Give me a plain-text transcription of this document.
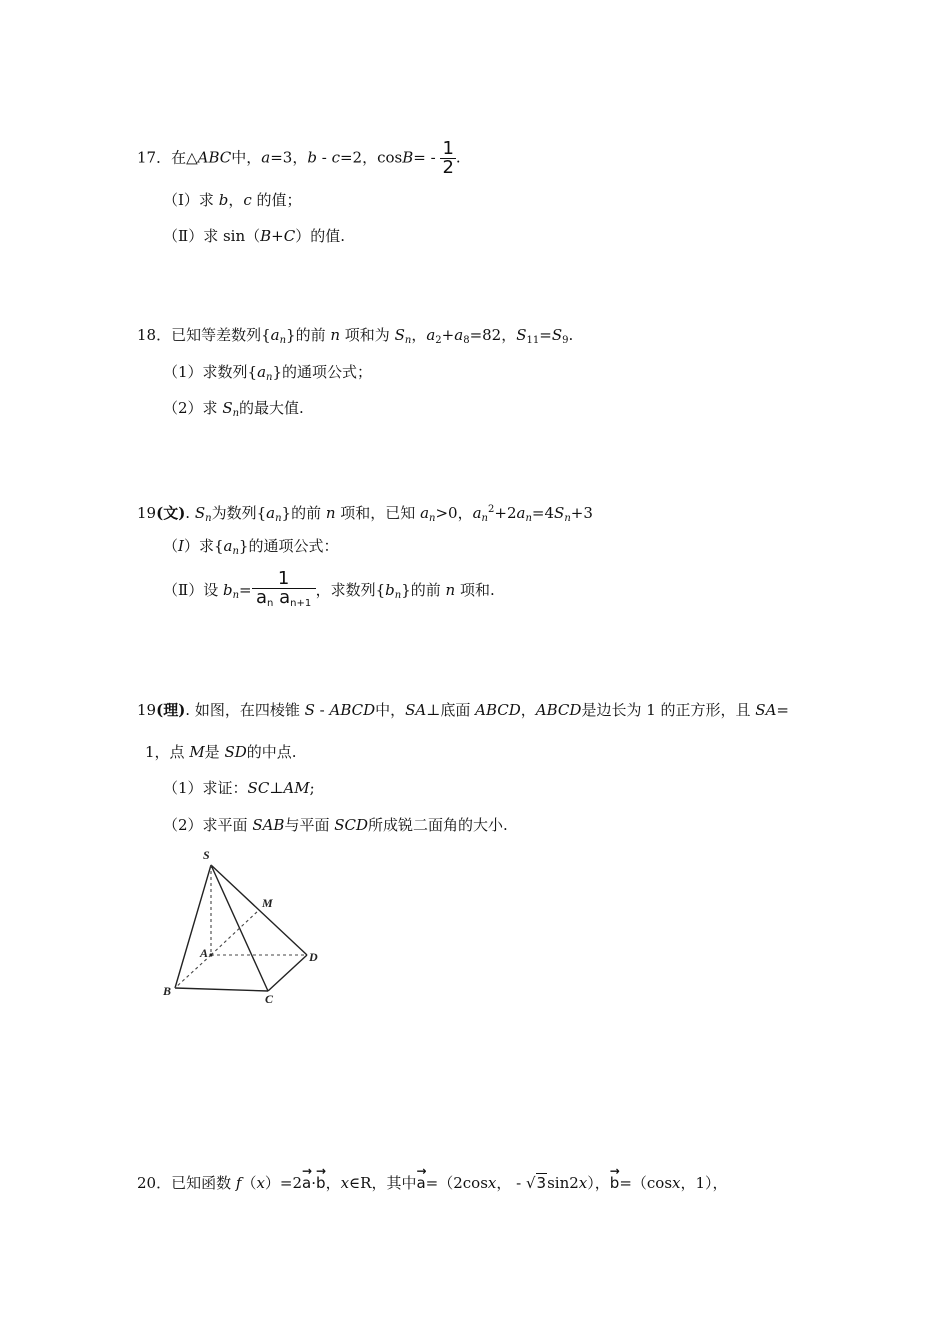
17．在△ABC中，a=3，b - c=2，$\cos B= - \frac{1}{2}$ .
（Ⅰ）求 b，c 的值；
（Ⅱ）求 sin（B+C）的值.
18．已知等差数列$\{a_n\}$的前 n 项和为 $S_n$，$a_2+a_8=82$，$S_{11}=S_9$.
（1）求数列$\{a_n\}$的通项公式；
（2）求 $S_n$的最大值.
19(文). $S_n$为数列$\{a_n\}$的前 n 项和，已知 $a_n>0$，$a_n^2+2a_n=4S_n+3$
（I）求$\{a_n\}$的通项公式：
（Ⅱ）设 $b_n= \frac{1}{a_n a_{n+1}}$ ，求数列$\{b_n\}$的前 n 项和.
19(理). 如图，在四棱锥 S - ABCD中，SA⊥底面 ABCD，ABCD是边长为 1 的正方形，且 SA=
1，点 M是 SD的中点.
（1）求证：SC⊥AM;
（2）求平面 SAB与平面 SCD所成锐二面角的大小.
S
M
A	D
B
C
20．已知函数 f（x）=2→ a·→ b，x∈R，其中→ a=（2cosx， - √3sin2x），→ b=（cosx，1），
